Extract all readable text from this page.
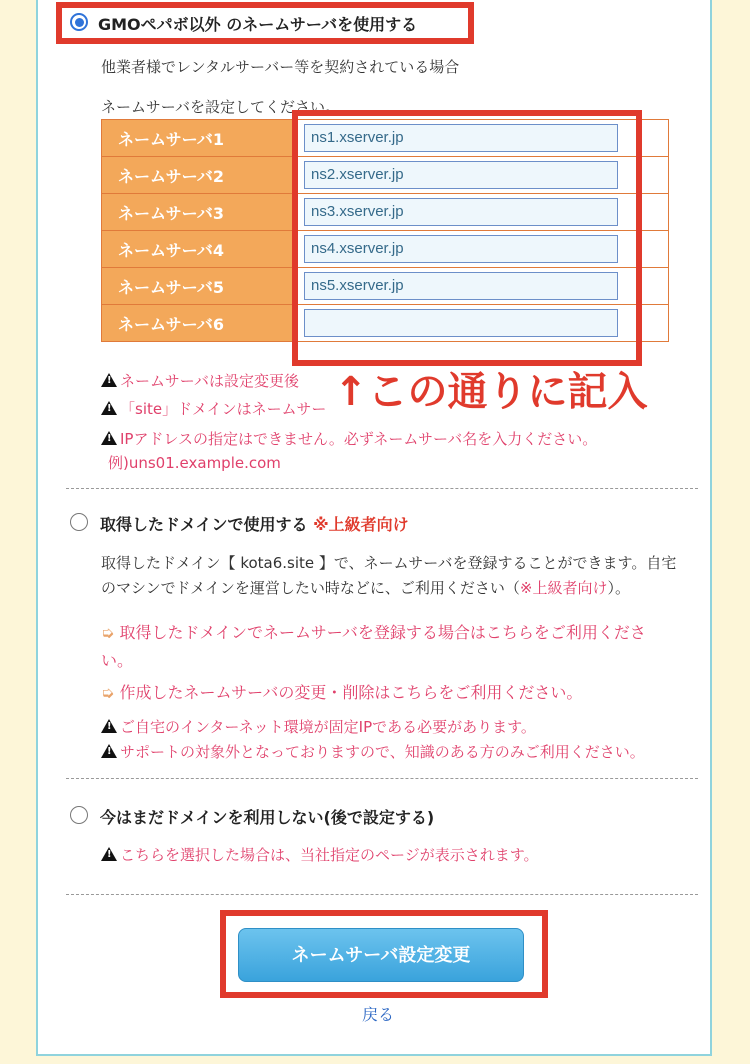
GMOペパボ以外 のネームサーバを使用する
他業者様でレンタルサーバー等を契約されている場合
ネームサーバを設定してください。
ネームサーバ1	ns1.xserver.jp

ネームサーバ2	ns2.xserver.jp

ネームサーバ3	ns3.xserver.jp

ネームサーバ4	ns4.xserver.jp

ネームサーバ5	ns5.xserver.jp

ネームサーバ6	
!ネームサーバは設定変更後
!「site」ドメインはネームサー
!IPアドレスの指定はできません。必ずネームサーバ名を入力ください。
例)uns01.example.com
↑この通りに記入
取得したドメインで使用する ※上級者向け
取得したドメイン【 kota6.site 】で、ネームサーバを登録することができます。自宅
のマシンでドメインを運営したい時などに、ご利用ください（※上級者向け）。
➭ 取得したドメインでネームサーバを登録する場合はこちらをご利用くださ
い。
➭ 作成したネームサーバの変更・削除はこちらをご利用ください。
!ご自宅のインターネット環境が固定IPである必要があります。
!サポートの対象外となっておりますので、知識のある方のみご利用ください。
今はまだドメインを利用しない(後で設定する)
!こちらを選択した場合は、当社指定のページが表示されます。
ネームサーバ設定変更
戻る
